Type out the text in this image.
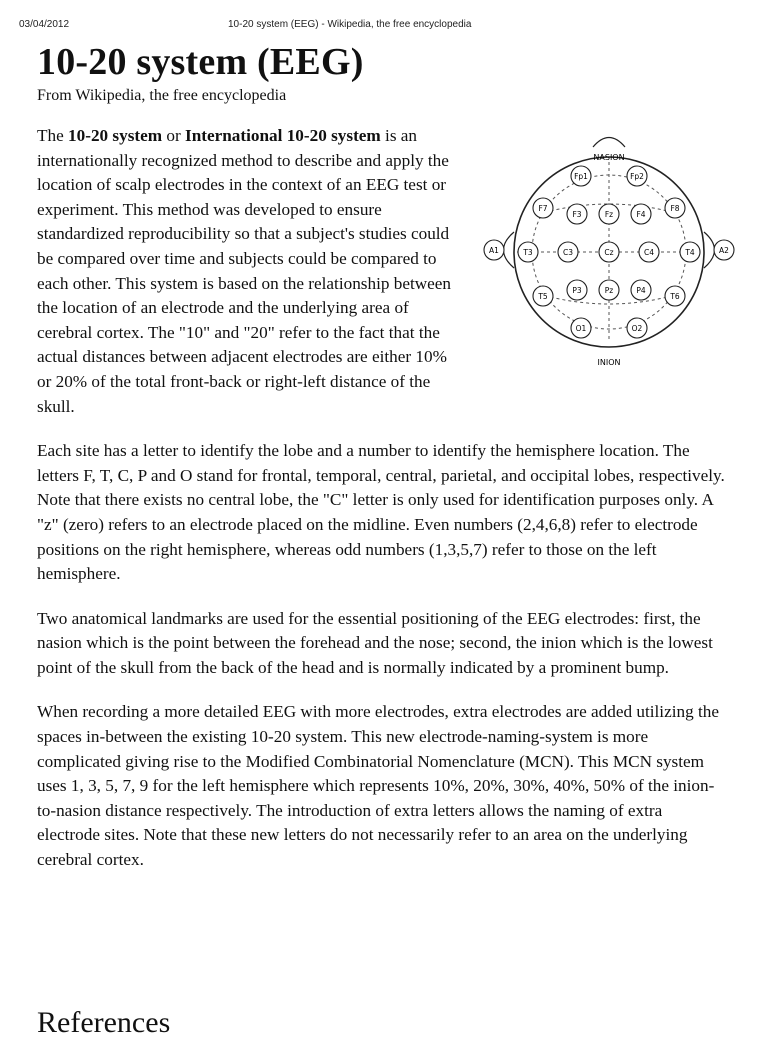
03/04/2012	10-20 system (EEG) - Wikipedia, the free encyclopedia
10-20 system (EEG)
From Wikipedia, the free encyclopedia
NASION
INION
Fp1	Fp2
F7
F3	Fz	F4
F8
A1	T3	C3	Cz	C4	T4	A2
T5
P3	Pz	P4
T6
O1	O2

The 10-20 system or International 10-20 system is an internationally recognized method to describe and apply the location of scalp electrodes in the context of an EEG test or experiment. This method was developed to ensure standardized reproducibility so that a subject's studies could be compared over time and subjects could be compared to each other. This system is based on the relationship between the location of an electrode and the underlying area of cerebral cortex. The "10" and "20" refer to the fact that the actual distances between adjacent electrodes are either 10% or 20% of the total front-back or right-left distance of the skull.

Each site has a letter to identify the lobe and a number to identify the hemisphere location. The letters F, T, C, P and O stand for frontal, temporal, central, parietal, and occipital lobes, respectively. Note that there exists no central lobe, the "C" letter is only used for identification purposes only. A "z" (zero) refers to an electrode placed on the midline. Even numbers (2,4,6,8) refer to electrode positions on the right hemisphere, whereas odd numbers (1,3,5,7) refer to those on the left hemisphere.

Two anatomical landmarks are used for the essential positioning of the EEG electrodes: first, the nasion which is the point between the forehead and the nose; second, the inion which is the lowest point of the skull from the back of the head and is normally indicated by a prominent bump.

When recording a more detailed EEG with more electrodes, extra electrodes are added utilizing the spaces in-between the existing 10-20 system. This new electrode-naming-system is more complicated giving rise to the Modified Combinatorial Nomenclature (MCN). This MCN system uses 1, 3, 5, 7, 9 for the left hemisphere which represents 10%, 20%, 30%, 40%, 50% of the inion-to-nasion distance respectively. The introduction of extra letters allows the naming of extra electrode sites. Note that these new letters do not necessarily refer to an area on the underlying cerebral cortex.

References
